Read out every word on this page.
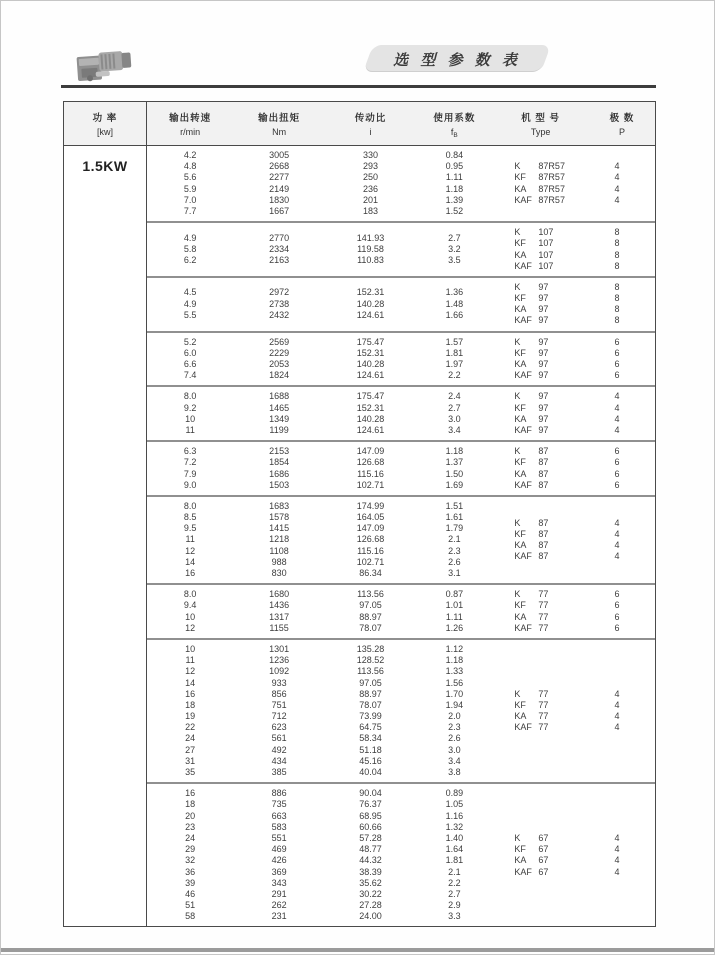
选 型 参 数 表
功 率
[kw]
输出转速
r/min
输出扭矩
Nm
传动比
i
使用系数
$f_B$
机 型 号
Type
极 数
P
1.5KW
4.2
4.8
5.6
5.9
7.0
7.7
3005
2668
2277
2149
1830
1667
330
293
250
236
201
183
0.84
0.95
1.11
1.18
1.39
1.52
K 87R57
KF 87R57
KA 87R57
KAF 87R57
4
4
4
4
4.9
5.8
6.2
2770
2334
2163
141.93
119.58
110.83
2.7
3.2
3.5
K 107
KF 107
KA 107
KAF 107
8
8
8
8
4.5
4.9
5.5
2972
2738
2432
152.31
140.28
124.61
1.36
1.48
1.66
K 97
KF 97
KA 97
KAF 97
8
8
8
8
5.2
6.0
6.6
7.4
2569
2229
2053
1824
175.47
152.31
140.28
124.61
1.57
1.81
1.97
2.2
K 97
KF 97
KA 97
KAF 97
6
6
6
6
8.0
9.2
10
11
1688
1465
1349
1199
175.47
152.31
140.28
124.61
2.4
2.7
3.0
3.4
K 97
KF 97
KA 97
KAF 97
4
4
4
4
6.3
7.2
7.9
9.0
2153
1854
1686
1503
147.09
126.68
115.16
102.71
1.18
1.37
1.50
1.69
K 87
KF 87
KA 87
KAF 87
6
6
6
6
8.0
8.5
9.5
11
12
14
16
1683
1578
1415
1218
1108
988
830
174.99
164.05
147.09
126.68
115.16
102.71
86.34
1.51
1.61
1.79
2.1
2.3
2.6
3.1
K 87
KF 87
KA 87
KAF 87
4
4
4
4
8.0
9.4
10
12
1680
1436
1317
1155
113.56
97.05
88.97
78.07
0.87
1.01
1.11
1.26
K 77
KF 77
KA 77
KAF 77
6
6
6
6
10
11
12
14
16
18
19
22
24
27
31
35
1301
1236
1092
933
856
751
712
623
561
492
434
385
135.28
128.52
113.56
97.05
88.97
78.07
73.99
64.75
58.34
51.18
45.16
40.04
1.12
1.18
1.33
1.56
1.70
1.94
2.0
2.3
2.6
3.0
3.4
3.8
K 77
KF 77
KA 77
KAF 77
4
4
4
4
16
18
20
23
24
29
32
36
39
46
51
58
886
735
663
583
551
469
426
369
343
291
262
231
90.04
76.37
68.95
60.66
57.28
48.77
44.32
38.39
35.62
30.22
27.28
24.00
0.89
1.05
1.16
1.32
1.40
1.64
1.81
2.1
2.2
2.7
2.9
3.3
K 67
KF 67
KA 67
KAF 67
4
4
4
4
